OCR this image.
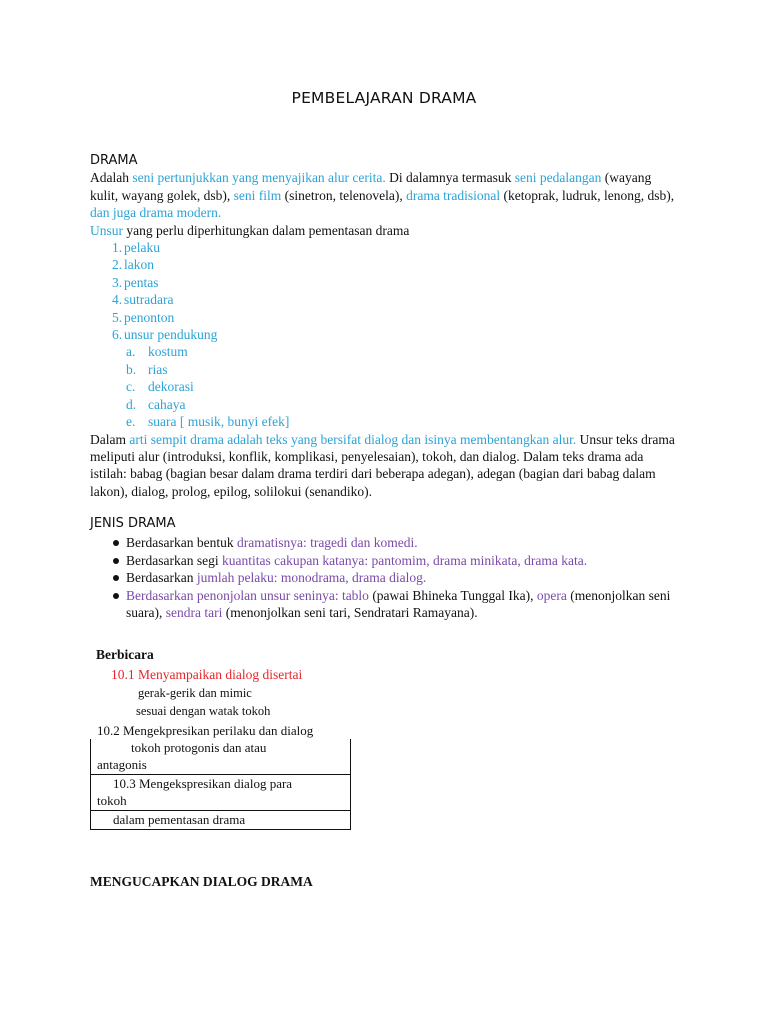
PEMBELAJARAN DRAMA

DRAMA

Adalah seni pertunjukkan yang menyajikan alur cerita. Di dalamnya termasuk seni pedalangan (wayang kulit, wayang golek, dsb), seni film (sinetron, telenovela), drama tradisional (ketoprak, ludruk, lenong, dsb), dan juga drama modern.

Unsur yang perlu diperhitungkan dalam pementasan drama

1. pelaku
2. lakon
3. pentas
4. sutradara
5. penonton
6. unsur pendukung
a. kostum
b. rias
c. dekorasi
d. cahaya
e. suara [ musik, bunyi efek]

Dalam arti sempit drama adalah teks yang bersifat dialog dan isinya membentangkan alur. Unsur teks drama meliputi alur (introduksi, konflik, komplikasi, penyelesaian), tokoh, dan dialog. Dalam teks drama ada istilah: babag (bagian besar dalam drama terdiri dari beberapa adegan), adegan (bagian dari babag dalam lakon), dialog, prolog, epilog, solilokui (senandiko).

JENIS DRAMA

Berdasarkan bentuk dramatisnya: tragedi dan komedi.
Berdasarkan segi kuantitas cakupan katanya: pantomim, drama minikata, drama kata.
Berdasarkan jumlah pelaku: monodrama, drama dialog.
Berdasarkan penonjolan unsur seninya: tablo (pawai Bhineka Tunggal Ika), opera (menonjolkan seni suara), sendra tari (menonjolkan seni tari, Sendratari Ramayana).

Berbicara

10.1 Menyampaikan dialog disertai

gerak-gerik dan mimic

sesuai dengan watak tokoh

10.2 Mengekpresikan perilaku dan dialog

tokoh protogonis dan atau

antagonis

10.3 Mengekspresikan dialog para

tokoh

dalam pementasan drama

MENGUCAPKAN DIALOG DRAMA
